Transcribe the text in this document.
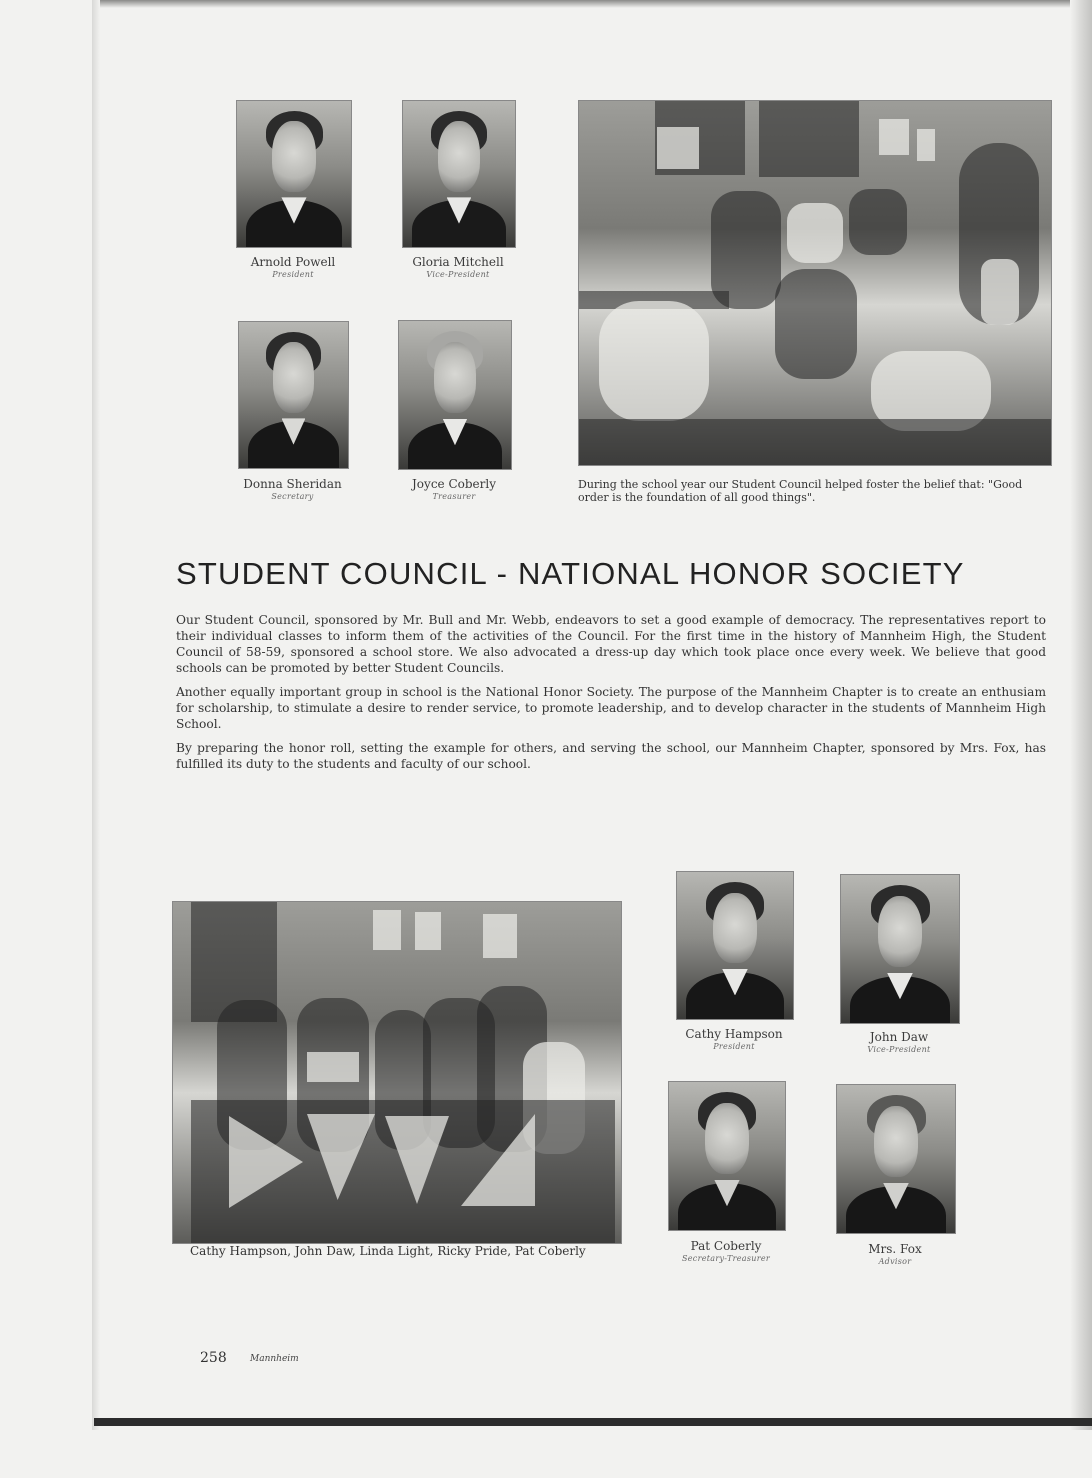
Arnold Powell
President
Gloria Mitchell
Vice-President
Donna Sheridan
Secretary
Joyce Coberly
Treasurer
During the school year our Student Council helped foster the belief that: "Good order is the foundation of all good things".
STUDENT COUNCIL - NATIONAL HONOR SOCIETY

Our Student Council, sponsored by Mr. Bull and Mr. Webb, endeavors to set a good example of democracy. The representatives report to their individual classes to inform them of the activities of the Council. For the first time in the history of Mannheim High, the Student Council of 58-59, sponsored a school store. We also advocated a dress-up day which took place once every week. We believe that good schools can be promoted by better Student Councils.

Another equally important group in school is the National Honor Society. The purpose of the Mannheim Chapter is to create an enthusiam for scholarship, to stimulate a desire to render service, to promote leadership, and to develop character in the students of Mannheim High School.

By preparing the honor roll, setting the example for others, and serving the school, our Mannheim Chapter, sponsored by Mrs. Fox, has fulfilled its duty to the students and faculty of our school.

Cathy Hampson, John Daw, Linda Light, Ricky Pride, Pat Coberly
Cathy Hampson
President
John Daw
Vice-President
Pat Coberly
Secretary-Treasurer
Mrs. Fox
Advisor
258	Mannheim
